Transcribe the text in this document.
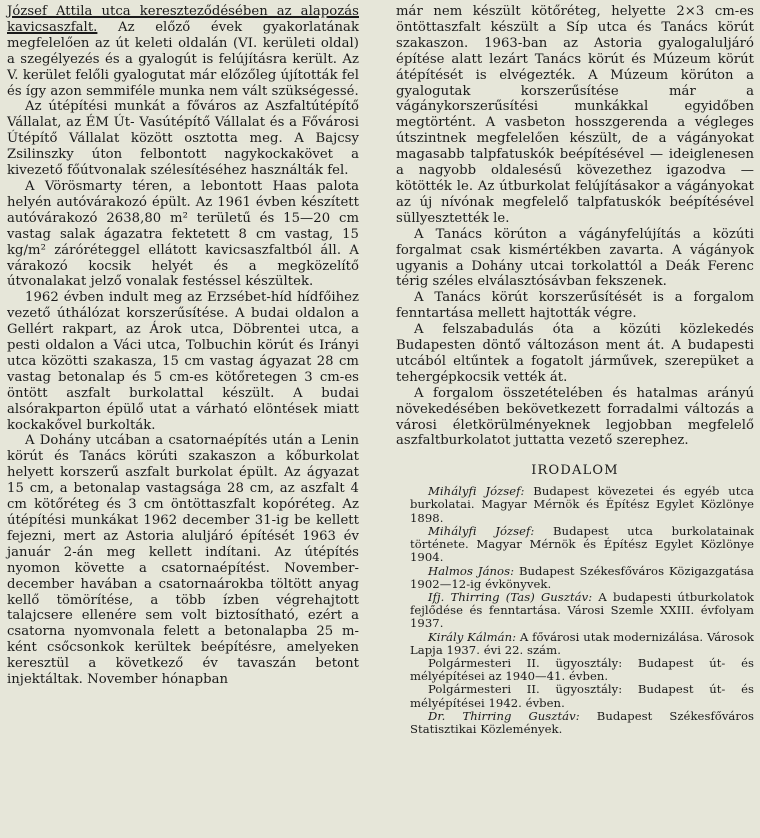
József Attila utca kereszteződésében az alapozás kavicsaszfalt. Az előző évek gyakorlatának megfelelően az út keleti oldalán (VI. kerületi oldal) a szegélyezés és a gyalogút is felújításra került. Az V. kerület felőli gyalogutat már előzőleg újították fel és így azon semmiféle munka nem vált szükségessé.

Az útépítési munkát a főváros az Aszfaltútépítő Vállalat, az ÉM Út- Vasútépítő Vállalat és a Fővárosi Útépítő Vállalat között osztotta meg. A Bajcsy Zsilinszky úton felbontott nagykockakövet a kivezető főútvonalak szélesítéséhez használták fel.

A Vörösmarty téren, a lebontott Haas palota helyén autóvárakozó épült. Az 1961 évben készített autóvárakozó 2638,80 m² területű és 15—20 cm vastag salak ágazatra fektetett 8 cm vastag, 15 kg/m² záróréteggel ellátott kavicsaszfaltból áll. A várakozó kocsik helyét és a megközelítő útvonalakat jelző vonalak festéssel készültek.

1962 évben indult meg az Erzsébet-híd hídfőihez vezető úthálózat korszerűsítése. A budai oldalon a Gellért rakpart, az Árok utca, Döbrentei utca, a pesti oldalon a Váci utca, Tolbuchin körút és Irányi utca közötti szakasza, 15 cm vastag ágyazat 28 cm vastag betonalap és 5 cm-es kötőretegen 3 cm-es öntött aszfalt burkolattal készült. A budai alsórakparton épülő utat a várható elöntések miatt kockakővel burkolták.

A Dohány utcában a csatornaépítés után a Lenin körút és Tanács körúti szakaszon a kőburkolat helyett korszerű aszfalt burkolat épült. Az ágyazat 15 cm, a betonalap vastagsága 28 cm, az aszfalt 4 cm kötőréteg és 3 cm öntöttaszfalt kopóréteg. Az útépítési munkákat 1962 december 31-ig be kellett fejezni, mert az Astoria aluljáró építését 1963 év január 2-án meg kellett indítani. Az útépítés nyomon követte a csatornaépítést. November-december havában a csatornaárokba töltött anyag kellő tömörítése, a több ízben végrehajtott talajcsere ellenére sem volt biztosítható, ezért a csatorna nyomvonala felett a betonalapba 25 m-ként csőcsonkok kerültek beépítésre, amelyeken keresztül a következő év tavaszán betont injektáltak. November hónapban

már nem készült kötőréteg, helyette 2×3 cm-es öntöttaszfalt készült a Síp utca és Tanács körút szakaszon. 1963-ban az Astoria gyalogaluljáró építése alatt lezárt Tanács körút és Múzeum körút átépítését is elvégezték. A Múzeum körúton a gyalogutak korszerűsítése már a vágánykorszerűsítési munkákkal egyidőben megtörtént. A vasbeton hosszgerenda a végleges útszintnek megfelelően készült, de a vágányokat magasabb talpfatuskók beépítésével — ideiglenesen a nagyobb oldalesésű kövezethez igazodva — kötötték le. Az útburkolat felújításakor a vágányokat az új nívónak megfelelő talpfatuskók beépítésével süllyesztették le.

A Tanács körúton a vágányfelújítás a közúti forgalmat csak kismértékben zavarta. A vágányok ugyanis a Dohány utcai torkolattól a Deák Ferenc térig széles elválasztósávban fekszenek.

A Tanács körút korszerűsítését is a forgalom fenntartása mellett hajtották végre.

A felszabadulás óta a közúti közlekedés Budapesten döntő változáson ment át. A budapesti utcából eltűntek a fogatolt járművek, szerepüket a tehergépkocsik vették át.

A forgalom összetételében és hatalmas arányú növekedésében bekövetkezett forradalmi változás a városi életkörülményeknek legjobban megfelelő aszfaltburkolatot juttatta vezető szerephez.

IRODALOM

Mihályfi József: Budapest kövezetei és egyéb utca burkolatai. Magyar Mérnök és Építész Egylet Közlönye 1898.

Mihályfi József: Budapest utca burkolatainak története. Magyar Mérnök és Építész Egylet Közlönye 1904.

Halmos János: Budapest Székesfőváros Közigazgatása 1902—12-ig évkönyvek.

Ifj. Thirring (Tas) Gusztáv: A budapesti útburkolatok fejlődése és fenntartása. Városi Szemle XXIII. évfolyam 1937.

Király Kálmán: A fővárosi utak modernizálása. Városok Lapja 1937. évi 22. szám.

Polgármesteri II. ügyosztály: Budapest út- és mélyépítései az 1940—41. évben.

Polgármesteri II. ügyosztály: Budapest út- és mélyépítései 1942. évben.

Dr. Thirring Gusztáv: Budapest Székesfőváros Statisztikai Közlemények.
